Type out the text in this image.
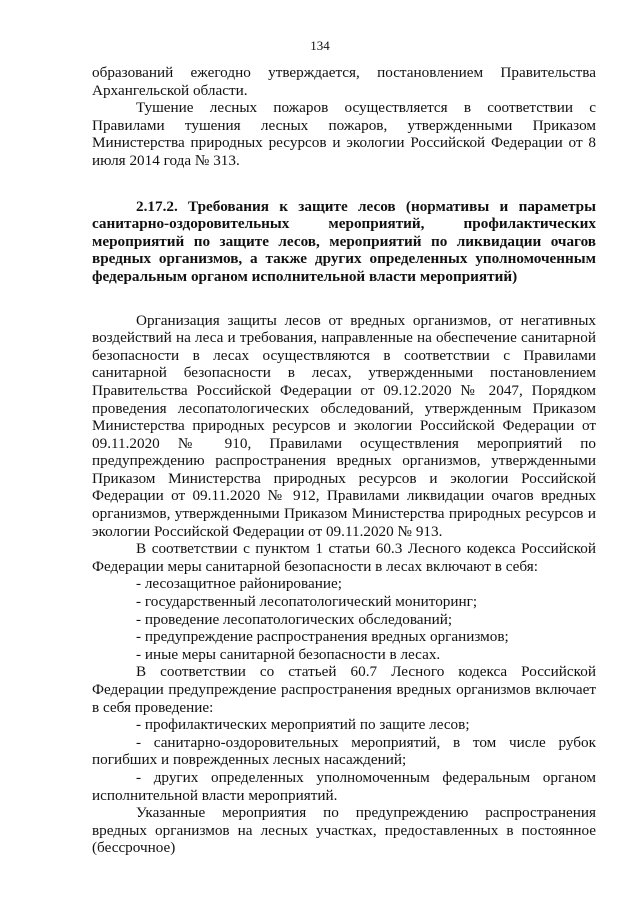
134

образований ежегодно утверждается, постановлением Правительства Архангельской области.

Тушение лесных пожаров осуществляется в соответствии с Правилами тушения лесных пожаров, утвержденными Приказом Министерства природных ресурсов и экологии Российской Федерации от 8 июля 2014 года № 313.

2.17.2. Требования к защите лесов (нормативы и параметры санитарно-оздоровительных мероприятий, профилактических мероприятий по защите лесов, мероприятий по ликвидации очагов вредных организмов, а также других определенных уполномоченным федеральным органом исполнительной власти мероприятий)

Организация защиты лесов от вредных организмов, от негативных воздействий на леса и требования, направленные на обеспечение санитарной безопасности в лесах осуществляются в соответствии с Правилами санитарной безопасности в лесах, утвержденными постановлением Правительства Российской Федерации от 09.12.2020 № 2047, Порядком проведения лесопатологических обследований, утвержденным Приказом Министерства природных ресурсов и экологии Российской Федерации от 09.11.2020 № 910, Правилами осуществления мероприятий по предупреждению распространения вредных организмов, утвержденными Приказом Министерства природных ресурсов и экологии Российской Федерации от 09.11.2020 № 912, Правилами ликвидации очагов вредных организмов, утвержденными Приказом Министерства природных ресурсов и экологии Российской Федерации от 09.11.2020 № 913.

В соответствии с пунктом 1 статьи 60.3 Лесного кодекса Российской Федерации меры санитарной безопасности в лесах включают в себя:

- лесозащитное районирование;

- государственный лесопатологический мониторинг;

- проведение лесопатологических обследований;

- предупреждение распространения вредных организмов;

- иные меры санитарной безопасности в лесах.

В соответствии со статьей 60.7 Лесного кодекса Российской Федерации предупреждение распространения вредных организмов включает в себя проведение:

- профилактических мероприятий по защите лесов;

- санитарно-оздоровительных мероприятий, в том числе рубок погибших и поврежденных лесных насаждений;

- других определенных уполномоченным федеральным органом исполнительной власти мероприятий.

Указанные мероприятия по предупреждению распространения вредных организмов на лесных участках, предоставленных в постоянное (бессрочное)
